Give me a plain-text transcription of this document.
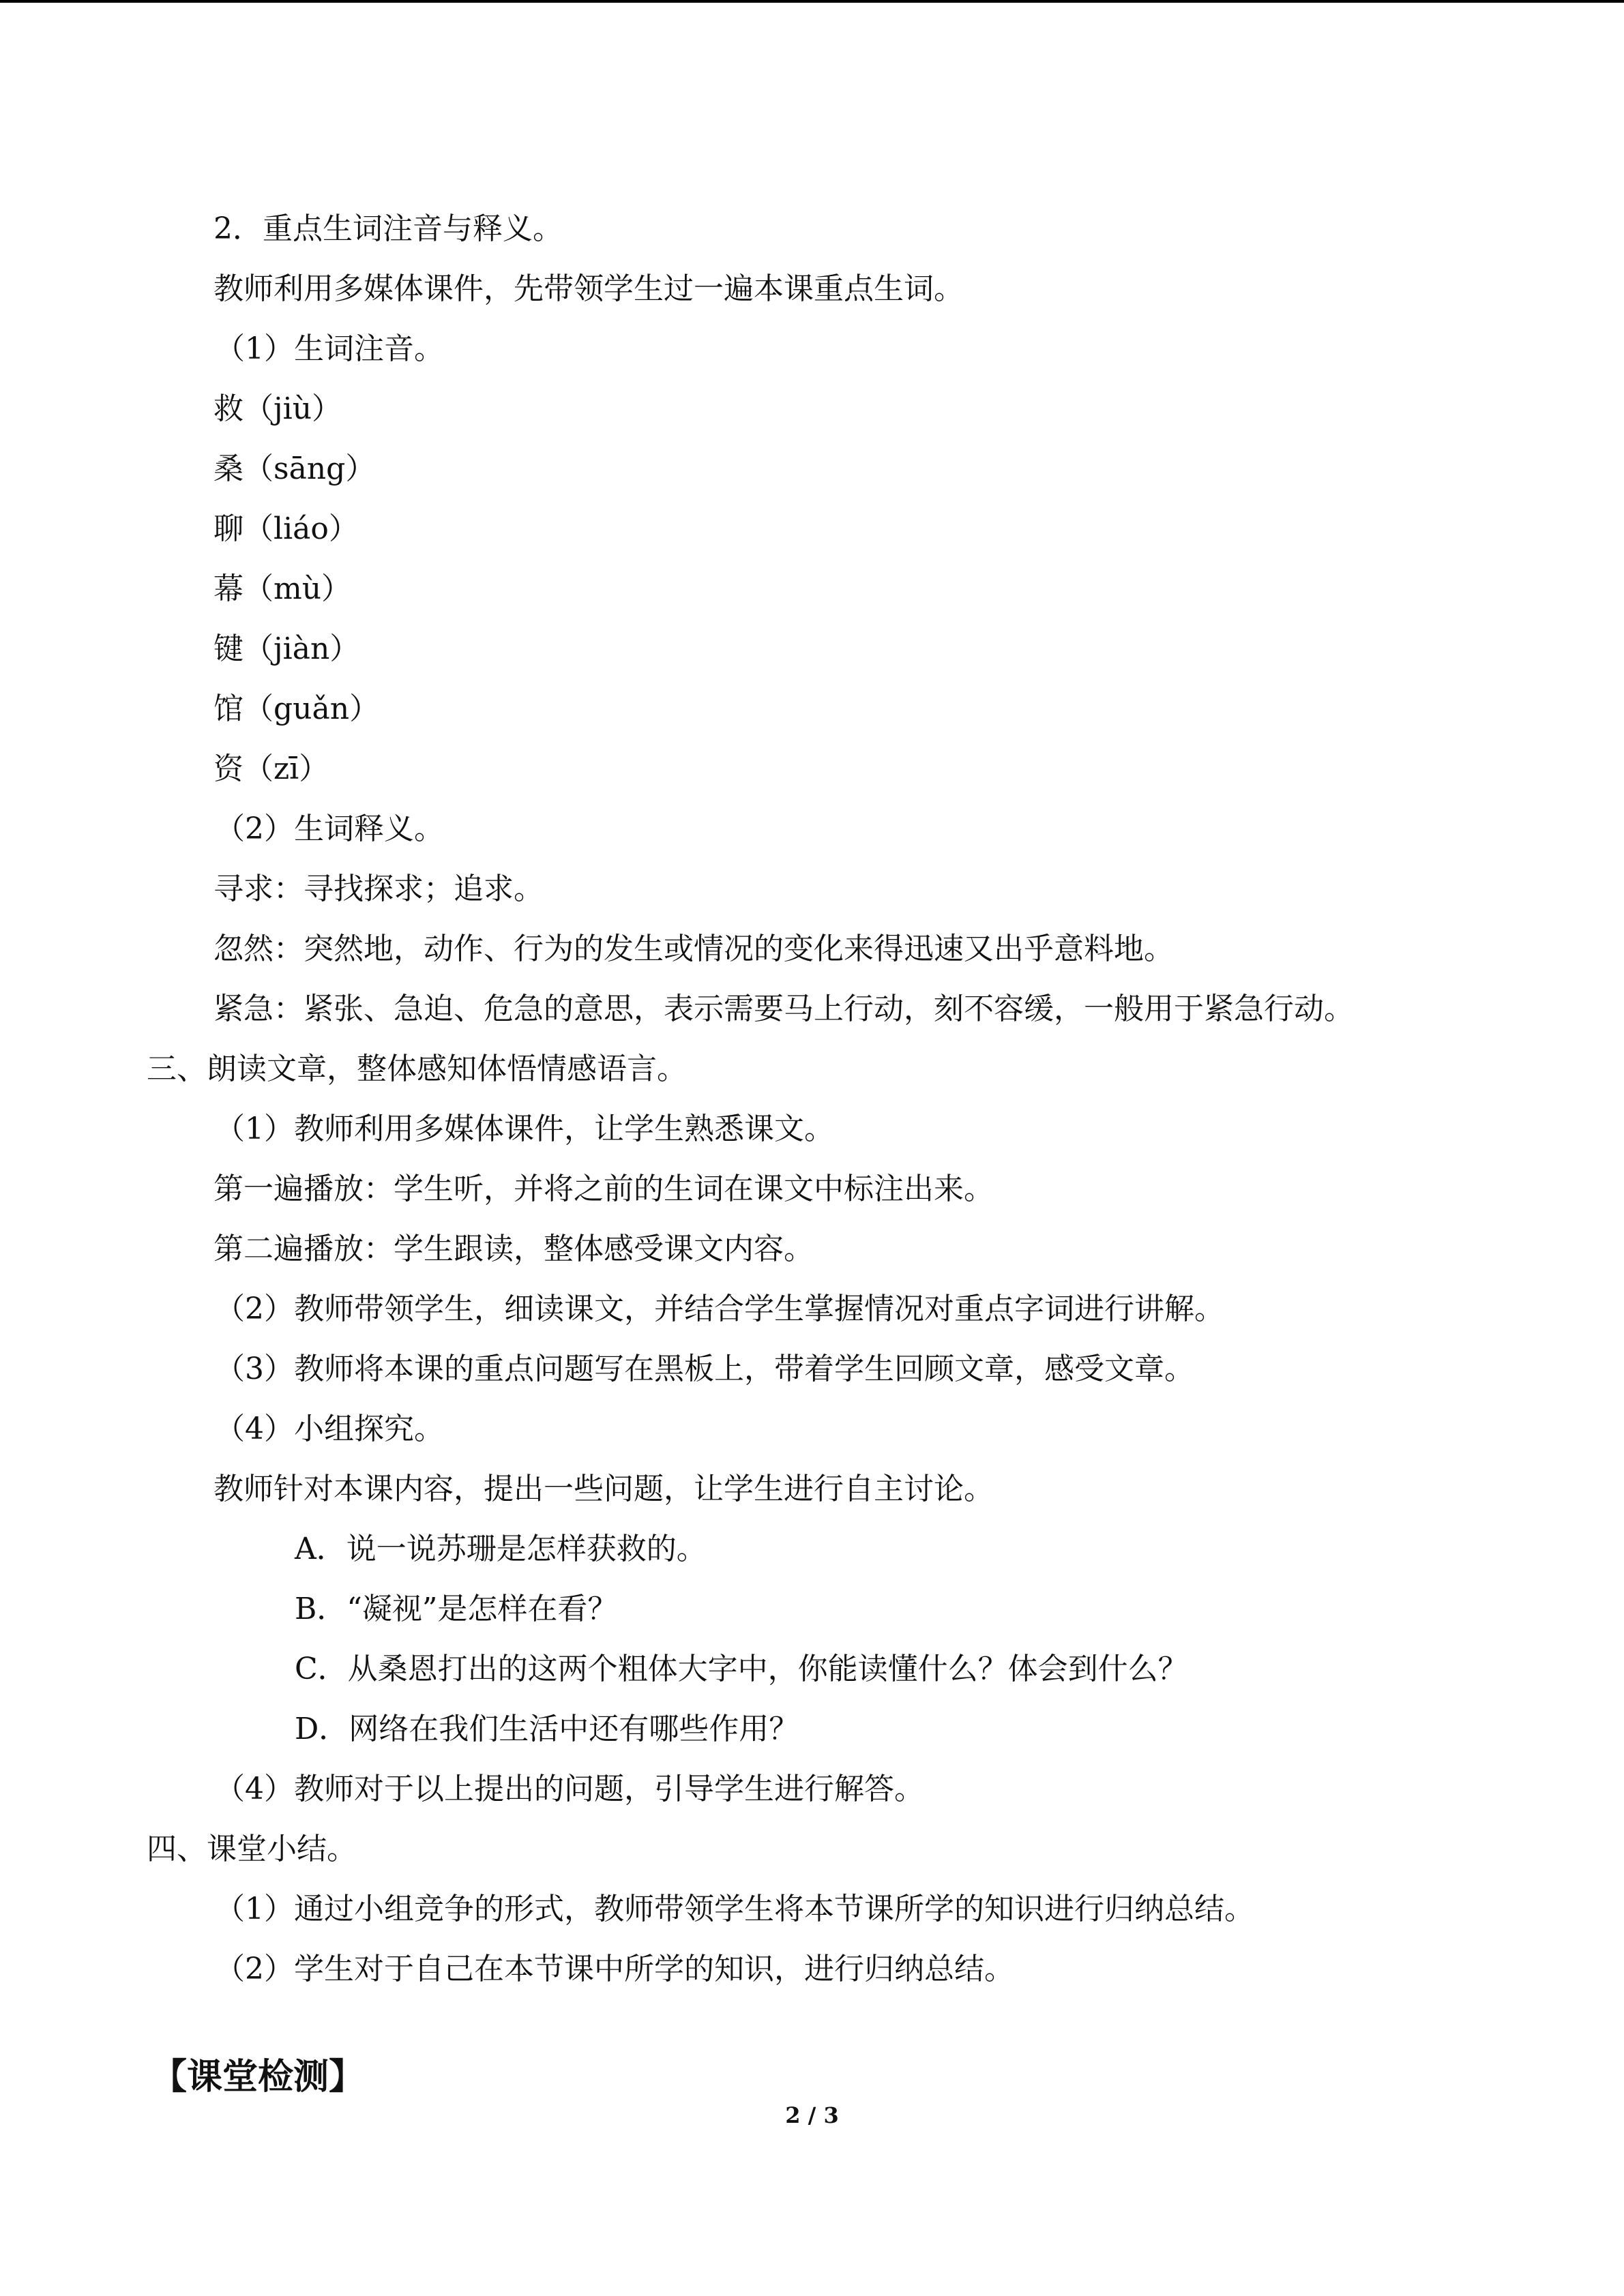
2．重点生词注音与释义。
教师利用多媒体课件，先带领学生过一遍本课重点生词。
（1）生词注音。
救（jiù）
桑（sāng）
聊（liáo）
幕（mù）
键（jiàn）
馆（guǎn）
资（zī）
（2）生词释义。
寻求：寻找探求；追求。
忽然：突然地，动作、行为的发生或情况的变化来得迅速又出乎意料地。
紧急：紧张、急迫、危急的意思，表示需要马上行动，刻不容缓，一般用于紧急行动。
三、朗读文章，整体感知体悟情感语言。
（1）教师利用多媒体课件，让学生熟悉课文。
第一遍播放：学生听，并将之前的生词在课文中标注出来。
第二遍播放：学生跟读，整体感受课文内容。
（2）教师带领学生，细读课文，并结合学生掌握情况对重点字词进行讲解。
（3）教师将本课的重点问题写在黑板上，带着学生回顾文章，感受文章。
（4）小组探究。
教师针对本课内容，提出一些问题，让学生进行自主讨论。
A．说一说苏珊是怎样获救的。
B．“凝视”是怎样在看？
C．从桑恩打出的这两个粗体大字中，你能读懂什么？体会到什么？
D．网络在我们生活中还有哪些作用？
（4）教师对于以上提出的问题，引导学生进行解答。
四、课堂小结。
（1）通过小组竞争的形式，教师带领学生将本节课所学的知识进行归纳总结。
（2）学生对于自己在本节课中所学的知识，进行归纳总结。
【课堂检测】
2 / 3
